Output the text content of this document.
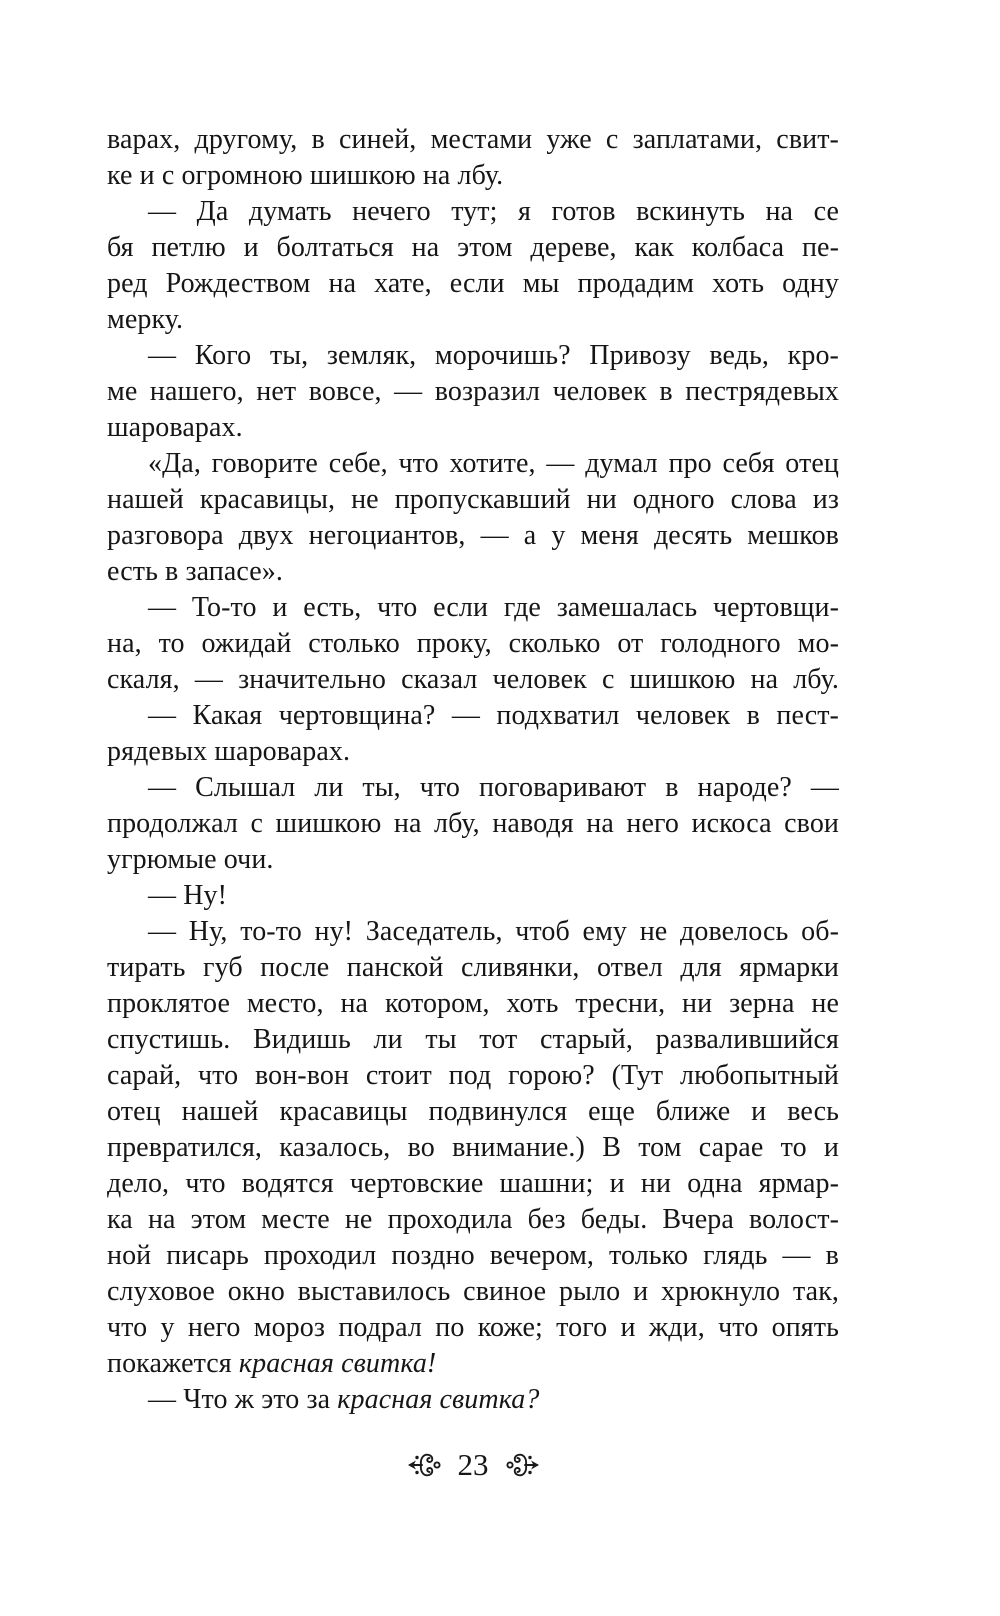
варах, другому, в синей, местами уже с заплатами, свит-
ке и с огромною шишкою на лбу.
— Да думать нечего тут; я готов вскинуть на се
бя петлю и болтаться на этом дереве, как колбаса пе-
ред Рождеством на хате, если мы продадим хоть одну
мерку.
— Кого ты, земляк, морочишь? Привозу ведь, кро-
ме нашего, нет вовсе, — возразил человек в пестрядевых
шароварах.
«Да, говорите себе, что хотите, — думал про себя отец
нашей красавицы, не пропускавший ни одного слова из
разговора двух негоциантов, — а у меня десять мешков
есть в запасе».
— То-то и есть, что если где замешалась чертовщи-
на, то ожидай столько проку, сколько от голодного мо-
скаля, — значительно сказал человек с шишкою на лбу.
— Какая чертовщина? — подхватил человек в пест-
рядевых шароварах.
— Слышал ли ты, что поговаривают в народе? —
продолжал с шишкою на лбу, наводя на него искоса свои
угрюмые очи.
— Ну!
— Ну, то-то ну! Заседатель, чтоб ему не довелось об-
тирать губ после панской сливянки, отвел для ярмарки
проклятое место, на котором, хоть тресни, ни зерна не
спустишь. Видишь ли ты тот старый, развалившийся
сарай, что вон-вон стоит под горою? (Тут любопытный
отец нашей красавицы подвинулся еще ближе и весь
превратился, казалось, во внимание.) В том сарае то и
дело, что водятся чертовские шашни; и ни одна ярмар-
ка на этом месте не проходила без беды. Вчера волост-
ной писарь проходил поздно вечером, только глядь — в
слуховое окно выставилось свиное рыло и хрюкнуло так,
что у него мороз подрал по коже; того и жди, что опять
покажется красная свитка!
— Что ж это за красная свитка?
23
